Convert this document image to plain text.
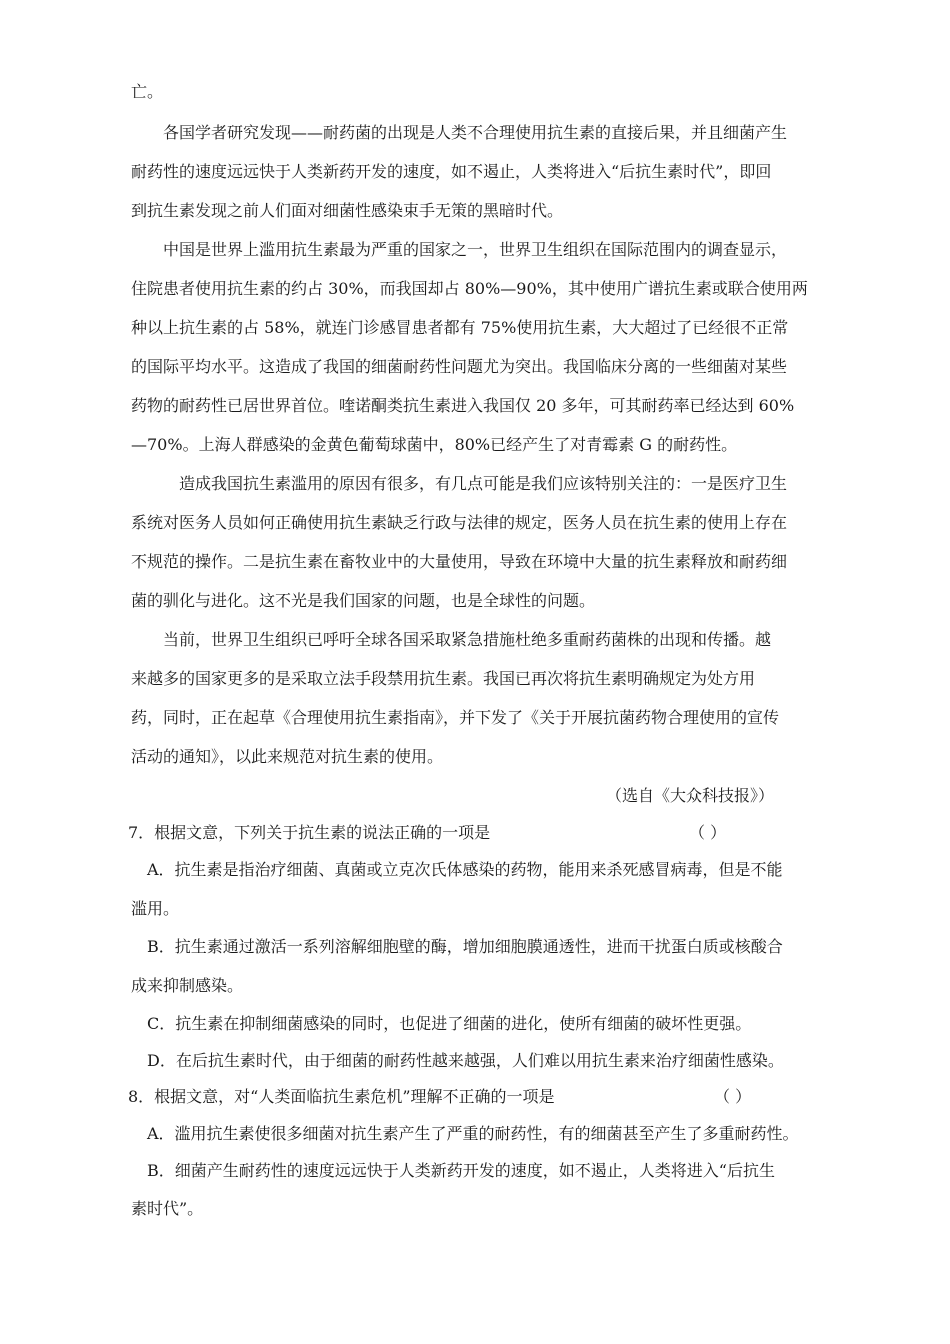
亡。
各国学者研究发现——耐药菌的出现是人类不合理使用抗生素的直接后果，并且细菌产生
耐药性的速度远远快于人类新药开发的速度，如不遏止，人类将进入“后抗生素时代”，即回
到抗生素发现之前人们面对细菌性感染束手无策的黑暗时代。
中国是世界上滥用抗生素最为严重的国家之一，世界卫生组织在国际范围内的调查显示，
住院患者使用抗生素的约占 30%，而我国却占 80%—90%，其中使用广谱抗生素或联合使用两
种以上抗生素的占 58%，就连门诊感冒患者都有 75%使用抗生素，大大超过了已经很不正常
的国际平均水平。这造成了我国的细菌耐药性问题尤为突出。我国临床分离的一些细菌对某些
药物的耐药性已居世界首位。喹诺酮类抗生素进入我国仅 20 多年，可其耐药率已经达到 60%
—70%。上海人群感染的金黄色葡萄球菌中，80%已经产生了对青霉素 G 的耐药性。
造成我国抗生素滥用的原因有很多，有几点可能是我们应该特别关注的：一是医疗卫生
系统对医务人员如何正确使用抗生素缺乏行政与法律的规定，医务人员在抗生素的使用上存在
不规范的操作。二是抗生素在畜牧业中的大量使用，导致在环境中大量的抗生素释放和耐药细
菌的驯化与进化。这不光是我们国家的问题，也是全球性的问题。
当前，世界卫生组织已呼吁全球各国采取紧急措施杜绝多重耐药菌株的出现和传播。越
来越多的国家更多的是采取立法手段禁用抗生素。我国已再次将抗生素明确规定为处方用
药，同时，正在起草《合理使用抗生素指南》，并下发了《关于开展抗菌药物合理使用的宣传
活动的通知》，以此来规范对抗生素的使用。
（选自《大众科技报》）
7．根据文意，下列关于抗生素的说法正确的一项是	（ ）
A．抗生素是指治疗细菌、真菌或立克次氏体感染的药物，能用来杀死感冒病毒，但是不能
滥用。
B．抗生素通过激活一系列溶解细胞壁的酶，增加细胞膜通透性，进而干扰蛋白质或核酸合
成来抑制感染。
C．抗生素在抑制细菌感染的同时，也促进了细菌的进化，使所有细菌的破坏性更强。
D．在后抗生素时代，由于细菌的耐药性越来越强，人们难以用抗生素来治疗细菌性感染。
8．根据文意，对“人类面临抗生素危机”理解不正确的一项是	（ ）
A．滥用抗生素使很多细菌对抗生素产生了严重的耐药性，有的细菌甚至产生了多重耐药性。
B．细菌产生耐药性的速度远远快于人类新药开发的速度，如不遏止，人类将进入“后抗生
素时代”。
